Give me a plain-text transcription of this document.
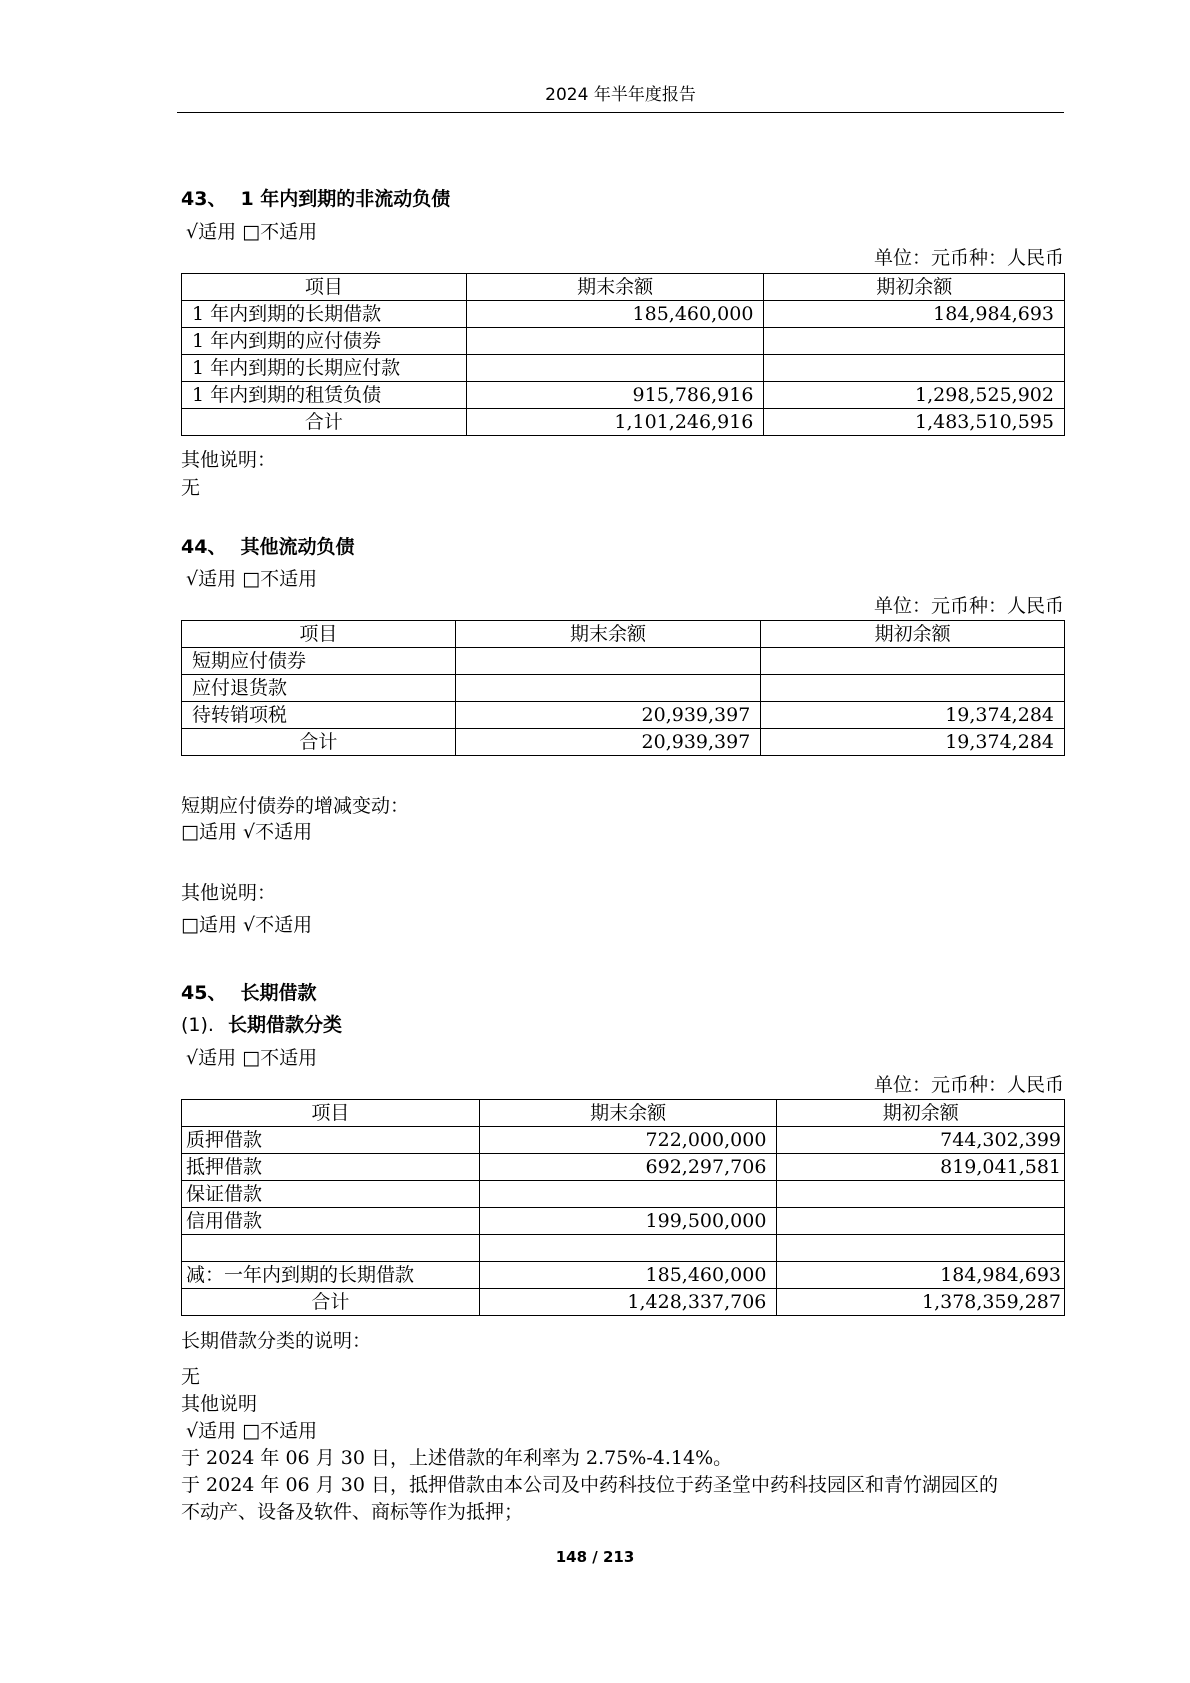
2024 年半年度报告
43、 1 年内到期的非流动负债
√适用 □不适用
单位：元币种：人民币
项目	期末余额	期初余额
1 年内到期的长期借款	185,460,000	184,984,693
1 年内到期的应付债券		
1 年内到期的长期应付款		
1 年内到期的租赁负债	915,786,916	1,298,525,902
合计	1,101,246,916	1,483,510,595
其他说明：
无
44、 其他流动负债
√适用 □不适用
单位：元币种：人民币
项目	期末余额	期初余额
短期应付债券		
应付退货款		
待转销项税	20,939,397	19,374,284
合计	20,939,397	19,374,284
短期应付债券的增减变动：
□适用 √不适用
其他说明：
□适用 √不适用
45、 长期借款
(1). 长期借款分类
√适用 □不适用
单位：元币种：人民币
项目	期末余额	期初余额
质押借款	722,000,000	744,302,399
抵押借款	692,297,706	819,041,581
保证借款		
信用借款	199,500,000	

减：一年内到期的长期借款	185,460,000	184,984,693
合计	1,428,337,706	1,378,359,287
长期借款分类的说明：
无
其他说明
√适用 □不适用
于 2024 年 06 月 30 日，上述借款的年利率为 2.75%-4.14%。
于 2024 年 06 月 30 日，抵押借款由本公司及中药科技位于药圣堂中药科技园区和青竹湖园区的
不动产、设备及软件、商标等作为抵押；
148 / 213
